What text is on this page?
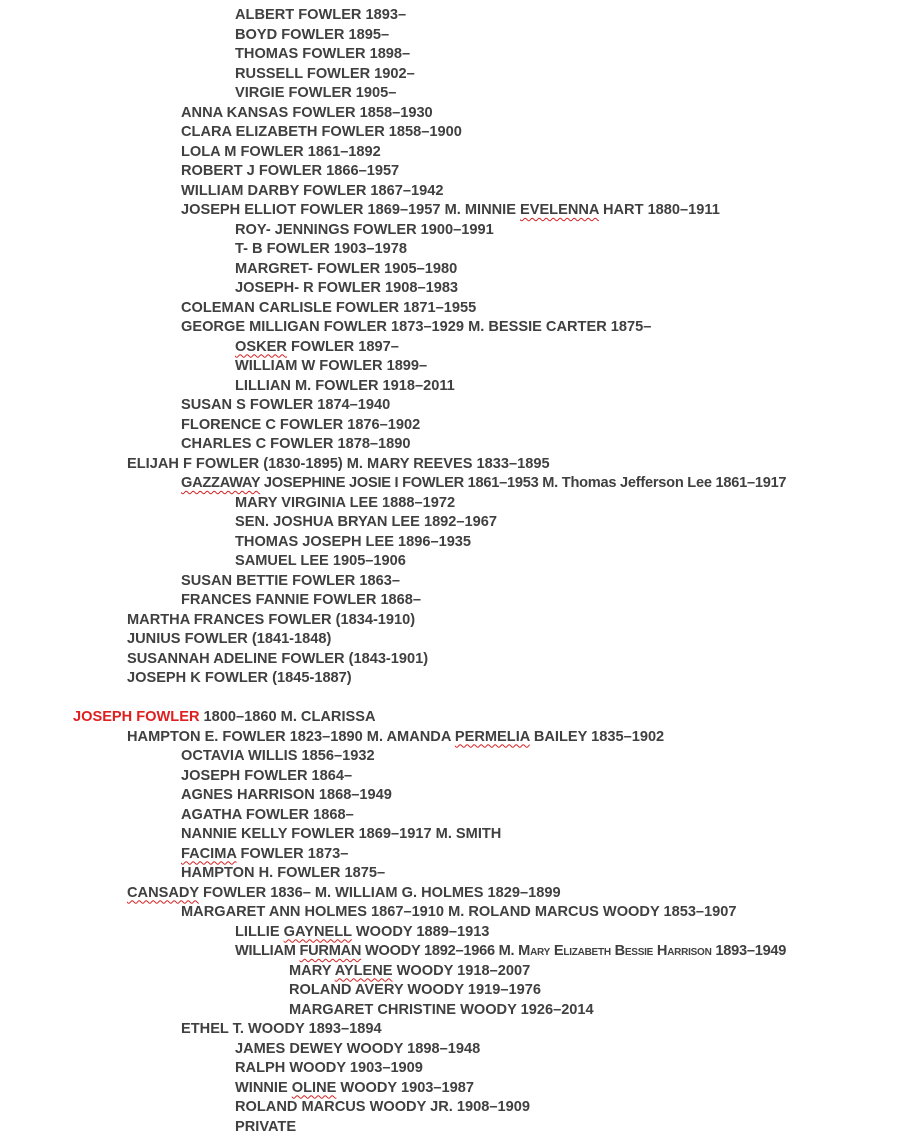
ALBERT FOWLER 1893–
BOYD FOWLER 1895–
THOMAS FOWLER 1898–
RUSSELL FOWLER 1902–
VIRGIE FOWLER 1905–
ANNA KANSAS FOWLER 1858–1930
CLARA ELIZABETH FOWLER 1858–1900
LOLA M FOWLER 1861–1892
ROBERT J FOWLER 1866–1957
WILLIAM DARBY FOWLER 1867–1942
JOSEPH ELLIOT FOWLER 1869–1957 M. MINNIE EVELENNA HART 1880–1911
ROY- JENNINGS FOWLER 1900–1991
T- B FOWLER 1903–1978
MARGRET- FOWLER 1905–1980
JOSEPH- R FOWLER 1908–1983
COLEMAN CARLISLE FOWLER 1871–1955
GEORGE MILLIGAN FOWLER 1873–1929 M. BESSIE CARTER 1875–
OSKER FOWLER 1897–
WILLIAM W FOWLER 1899–
LILLIAN M. FOWLER 1918–2011
SUSAN S FOWLER 1874–1940
FLORENCE C FOWLER 1876–1902
CHARLES C FOWLER 1878–1890
ELIJAH F FOWLER (1830-1895) M. MARY REEVES 1833–1895
GAZZAWAY JOSEPHINE JOSIE I FOWLER 1861–1953 M. Thomas Jefferson Lee 1861–1917
MARY VIRGINIA LEE 1888–1972
SEN. JOSHUA BRYAN LEE 1892–1967
THOMAS JOSEPH LEE 1896–1935
SAMUEL LEE 1905–1906
SUSAN BETTIE FOWLER 1863–
FRANCES FANNIE FOWLER 1868–
MARTHA FRANCES FOWLER (1834-1910)
JUNIUS FOWLER (1841-1848)
SUSANNAH ADELINE FOWLER (1843-1901)
JOSEPH K FOWLER (1845-1887)
JOSEPH FOWLER 1800–1860 M. CLARISSA
HAMPTON E. FOWLER 1823–1890 M. AMANDA PERMELIA BAILEY 1835–1902
OCTAVIA WILLIS 1856–1932
JOSEPH FOWLER 1864–
AGNES HARRISON 1868–1949
AGATHA FOWLER 1868–
NANNIE KELLY FOWLER 1869–1917 M. SMITH
FACIMA FOWLER 1873–
HAMPTON H. FOWLER 1875–
CANSADY FOWLER 1836– M. WILLIAM G. HOLMES 1829–1899
MARGARET ANN HOLMES 1867–1910 M. ROLAND MARCUS WOODY 1853–1907
LILLIE GAYNELL WOODY 1889–1913
WILLIAM FURMAN WOODY 1892–1966 M. Mary Elizabeth Bessie Harrison 1893–1949
MARY AYLENE WOODY 1918–2007
ROLAND AVERY WOODY 1919–1976
MARGARET CHRISTINE WOODY 1926–2014
ETHEL T. WOODY 1893–1894
JAMES DEWEY WOODY 1898–1948
RALPH WOODY 1903–1909
WINNIE OLINE WOODY 1903–1987
ROLAND MARCUS WOODY JR. 1908–1909
PRIVATE
